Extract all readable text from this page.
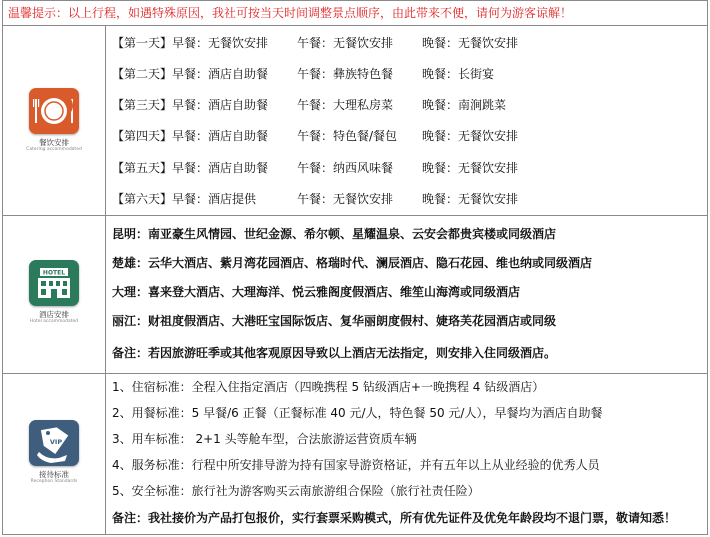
温馨提示：以上行程，如遇特殊原因，我社可按当天时间调整景点顺序，由此带来不便，请何为游客谅解！
餐饮安排
Catering accommodated
【第一天】早餐：无餐饮安排 午餐：无餐饮安排 晚餐：无餐饮安排
【第二天】早餐：酒店自助餐 午餐：彝族特色餐 晚餐：长街宴
【第三天】早餐：酒店自助餐 午餐：大理私房菜 晚餐：南涧跳菜
【第四天】早餐：酒店自助餐 午餐：特色餐/餐包 晚餐：无餐饮安排
【第五天】早餐：酒店自助餐 午餐：纳西风味餐 晚餐：无餐饮安排
【第六天】早餐：酒店提供	午餐：无餐饮安排 晚餐：无餐饮安排
HOTEL
酒店安排
Hotel accommodated
昆明：南亚豪生风情园、世纪金源、希尔顿、星耀温泉、云安会都贵宾楼或同级酒店
楚雄：云华大酒店、紫月湾花园酒店、格瑞时代、澜辰酒店、隐石花园、维也纳或同级酒店
大理：喜来登大酒店、大理海洋、悦云雅阁度假酒店、维笙山海湾或同级酒店
丽江：财祖度假酒店、大港旺宝国际饭店、复华丽朗度假村、婕珞芙花园酒店或同级
备注：若因旅游旺季或其他客观原因导致以上酒店无法指定，则安排入住同级酒店。
VIP
接待标准
Reception Standards
1、住宿标准：全程入住指定酒店（四晚携程 5 钻级酒店+一晚携程 4 钻级酒店）
2、用餐标准：5 早餐/6 正餐（正餐标准 40 元/人，特色餐 50 元/人），早餐均为酒店自助餐
3、用车标准： 2+1 头等舱车型，合法旅游运营资质车辆
4、服务标准：行程中所安排导游为持有国家导游资格证，并有五年以上从业经验的优秀人员
5、安全标准：旅行社为游客购买云南旅游组合保险（旅行社责任险）
备注：我社接价为产品打包报价，实行套票采购模式，所有优先证件及优免年龄段均不退门票，敬请知悉！
